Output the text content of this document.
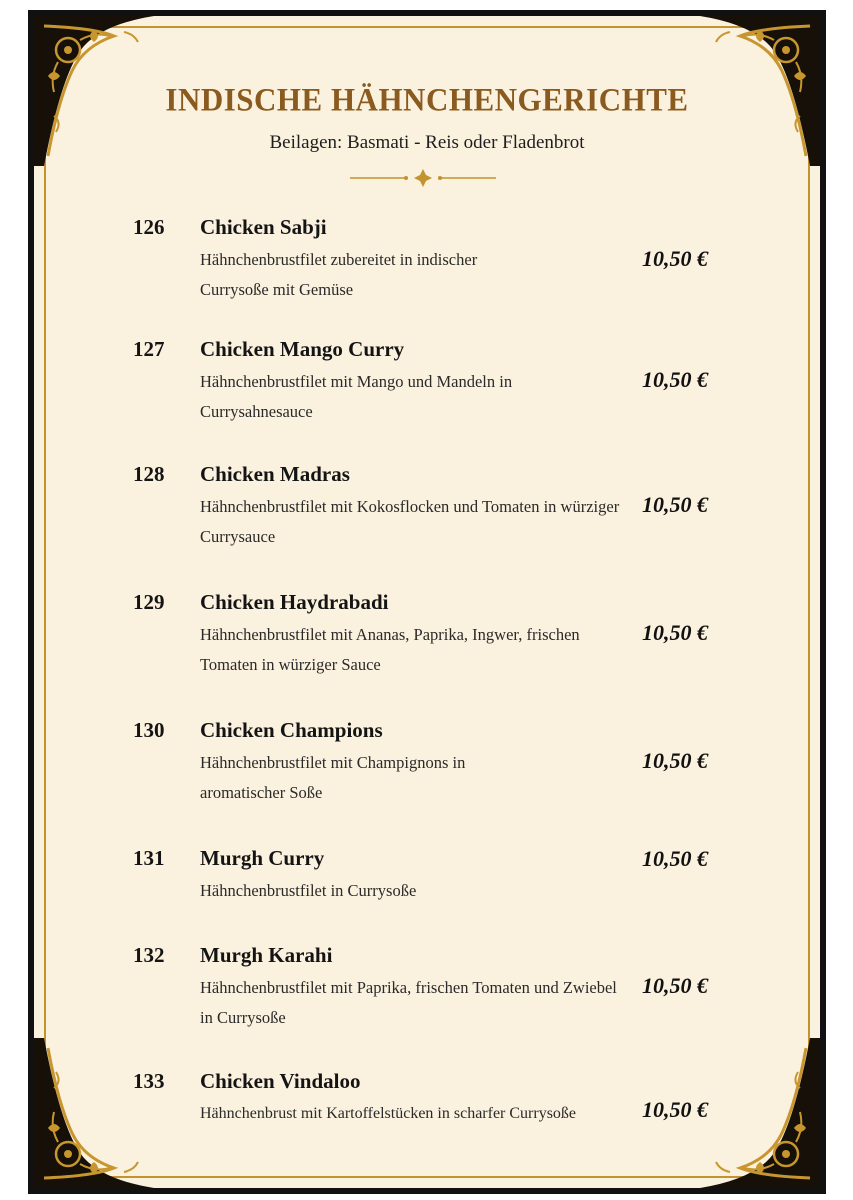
INDISCHE HÄHNCHENGERICHTE
Beilagen: Basmati - Reis oder Fladenbrot
126 Chicken Sabji
Hähnchenbrustfilet zubereitet in indischer Currysoße mit Gemüse
10,50 €
127 Chicken Mango Curry
Hähnchenbrustfilet mit Mango und Mandeln in Currysahnesauce
10,50 €
128 Chicken Madras
Hähnchenbrustfilet mit Kokosflocken und Tomaten in würziger Currysauce
10,50 €
129 Chicken Haydrabadi
Hähnchenbrustfilet mit Ananas, Paprika, Ingwer, frischen Tomaten in würziger Sauce
10,50 €
130 Chicken Champions
Hähnchenbrustfilet mit Champignons in aromatischer Soße
10,50 €
131 Murgh Curry
Hähnchenbrustfilet in Currysoße
10,50 €
132 Murgh Karahi
Hähnchenbrustfilet mit Paprika, frischen Tomaten und Zwiebel in Currysoße
10,50 €
133 Chicken Vindaloo
Hähnchenbrust mit Kartoffelstücken in scharfer Currysoße	10,50 €
